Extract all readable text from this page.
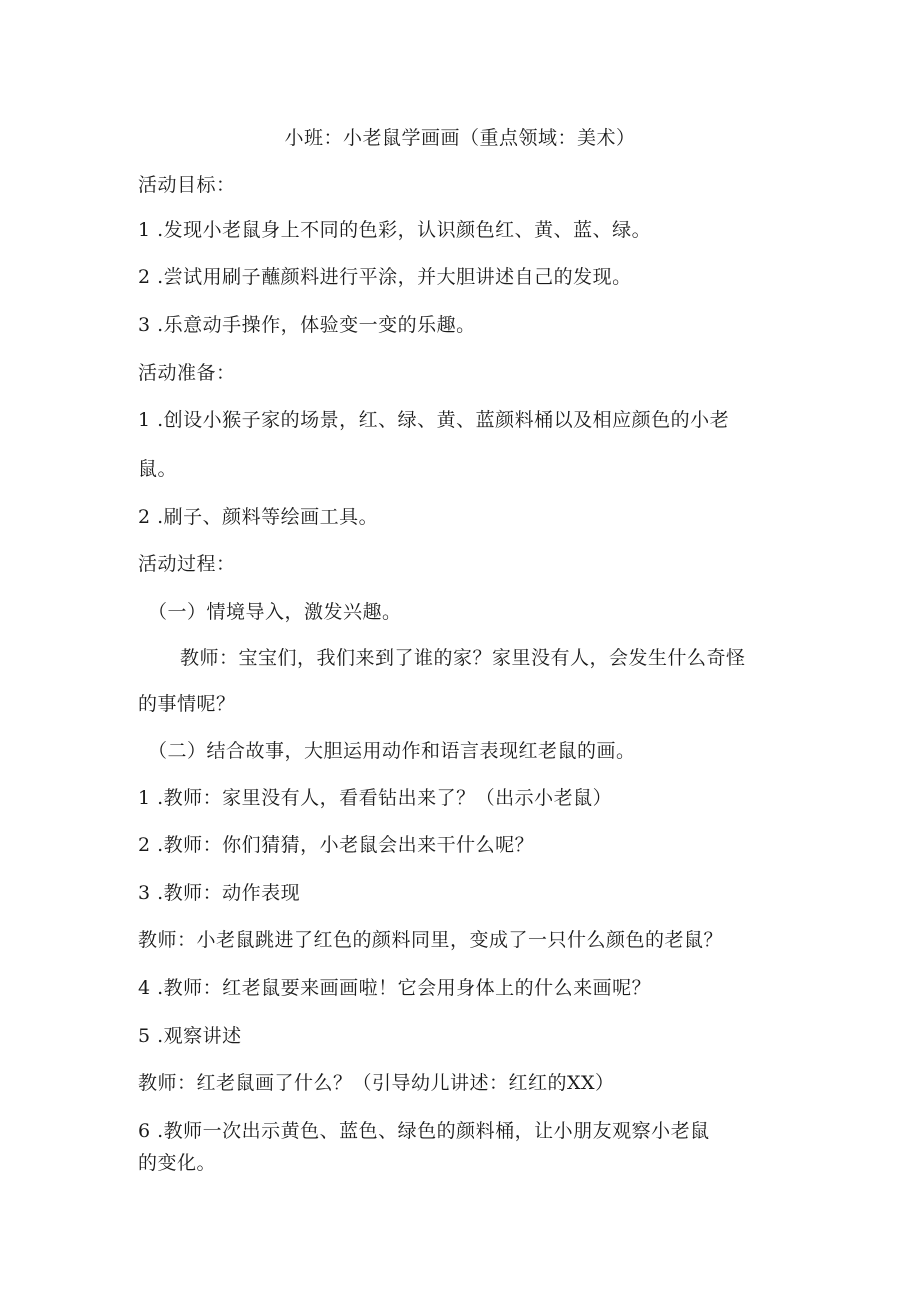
小班：小老鼠学画画（重点领域：美术）
活动目标：
1 .发现小老鼠身上不同的色彩，认识颜色红、黄、蓝、绿。
2 .尝试用刷子蘸颜料进行平涂，并大胆讲述自己的发现。
3 .乐意动手操作，体验变一变的乐趣。
活动准备：
1 .创设小猴子家的场景，红、绿、黄、蓝颜料桶以及相应颜色的小老
鼠。
2 .刷子、颜料等绘画工具。
活动过程：
（一）情境导入，激发兴趣。
教师：宝宝们，我们来到了谁的家？家里没有人，会发生什么奇怪
的事情呢？
（二）结合故事，大胆运用动作和语言表现红老鼠的画。
1 .教师：家里没有人，看看钻出来了？（出示小老鼠）
2 .教师：你们猜猜，小老鼠会出来干什么呢？
3 .教师：动作表现
教师：小老鼠跳进了红色的颜料同里，变成了一只什么颜色的老鼠？
4 .教师：红老鼠要来画画啦！它会用身体上的什么来画呢？
5 .观察讲述
教师：红老鼠画了什么？（引导幼儿讲述：红红的XX）
6 .教师一次出示黄色、蓝色、绿色的颜料桶，让小朋友观察小老鼠
的变化。
